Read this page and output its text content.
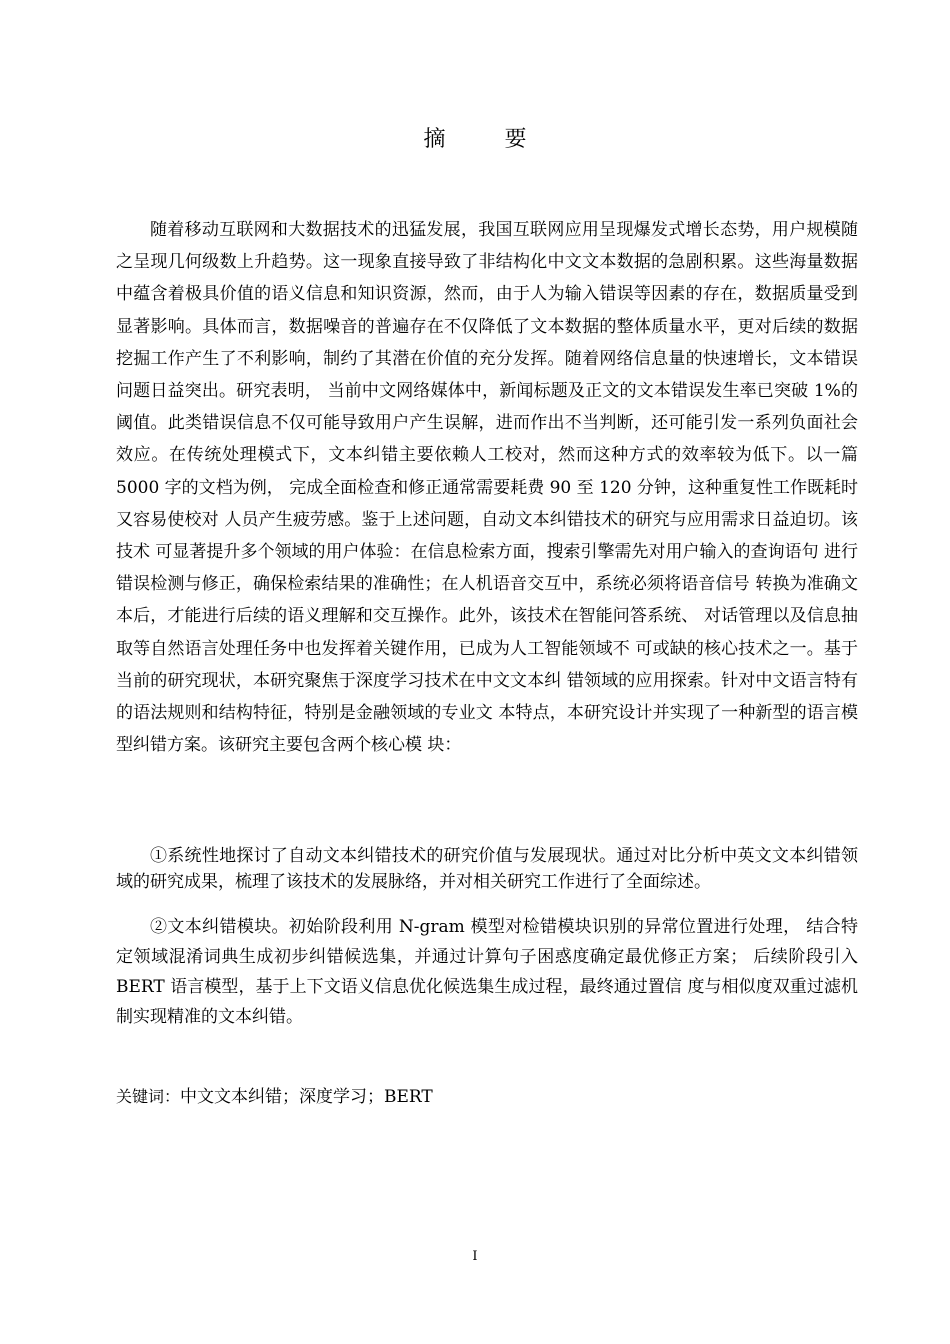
摘 要

随着移动互联网和大数据技术的迅猛发展，我国互联网应用呈现爆发式增长态势，用户规模随之呈现几何级数上升趋势。这一现象直接导致了非结构化中文文本数据的急剧积累。这些海量数据中蕴含着极具价值的语义信息和知识资源，然而，由于人为输入错误等因素的存在，数据质量受到显著影响。具体而言，数据噪音的普遍存在不仅降低了文本数据的整体质量水平，更对后续的数据挖掘工作产生了不利影响，制约了其潜在价值的充分发挥。随着网络信息量的快速增长，文本错误问题日益突出。研究表明， 当前中文网络媒体中，新闻标题及正文的文本错误发生率已突破 1%的阈值。此类错误信息不仅可能导致用户产生误解，进而作出不当判断，还可能引发一系列负面社会效应。在传统处理模式下，文本纠错主要依赖人工校对，然而这种方式的效率较为低下。以一篇 5000 字的文档为例， 完成全面检查和修正通常需要耗费 90 至 120 分钟，这种重复性工作既耗时又容易使校对 人员产生疲劳感。鉴于上述问题，自动文本纠错技术的研究与应用需求日益迫切。该技术 可显著提升多个领域的用户体验：在信息检索方面，搜索引擎需先对用户输入的查询语句 进行错误检测与修正，确保检索结果的准确性；在人机语音交互中，系统必须将语音信号 转换为准确文本后，才能进行后续的语义理解和交互操作。此外，该技术在智能问答系统、 对话管理以及信息抽取等自然语言处理任务中也发挥着关键作用，已成为人工智能领域不 可或缺的核心技术之一。基于当前的研究现状，本研究聚焦于深度学习技术在中文文本纠 错领域的应用探索。针对中文语言特有的语法规则和结构特征，特别是金融领域的专业文 本特点，本研究设计并实现了一种新型的语言模型纠错方案。该研究主要包含两个核心模 块：

①系统性地探讨了自动文本纠错技术的研究价值与发展现状。通过对比分析中英文文本纠错领域的研究成果，梳理了该技术的发展脉络，并对相关研究工作进行了全面综述。

②文本纠错模块。初始阶段利用 N-gram 模型对检错模块识别的异常位置进行处理， 结合特定领域混淆词典生成初步纠错候选集，并通过计算句子困惑度确定最优修正方案； 后续阶段引入 BERT 语言模型，基于上下文语义信息优化候选集生成过程，最终通过置信 度与相似度双重过滤机制实现精准的文本纠错。

关键词：中文文本纠错；深度学习；BERT
I
